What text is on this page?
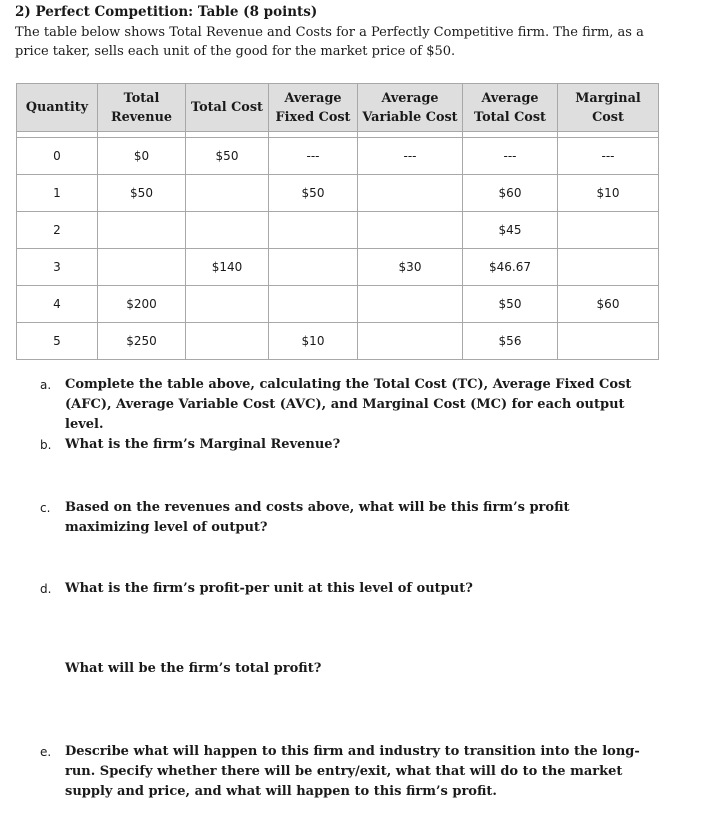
2) Perfect Competition: Table (8 points)
The table below shows Total Revenue and Costs for a Perfectly Competitive firm. The firm, as a price taker, sells each unit of the good for the market price of $50.
Quantity	Total Revenue	Total Cost	Average Fixed Cost	Average Variable Cost	Average Total Cost	Marginal Cost

0	$0	$50	---	---	---	---
1	$50		$50		$60	$10
2					$45	
3		$140		$30	$46.67	
4	$200				$50	$60
5	$250		$10		$56	
a. Complete the table above, calculating the Total Cost (TC), Average Fixed Cost (AFC), Average Variable Cost (AVC), and Marginal Cost (MC) for each output level.
b. What is the firm’s Marginal Revenue?
c. Based on the revenues and costs above, what will be this firm’s profit maximizing level of output?
d. What is the firm’s profit-per unit at this level of output?
What will be the firm’s total profit?
e. Describe what will happen to this firm and industry to transition into the long-run. Specify whether there will be entry/exit, what that will do to the market supply and price, and what will happen to this firm’s profit.
